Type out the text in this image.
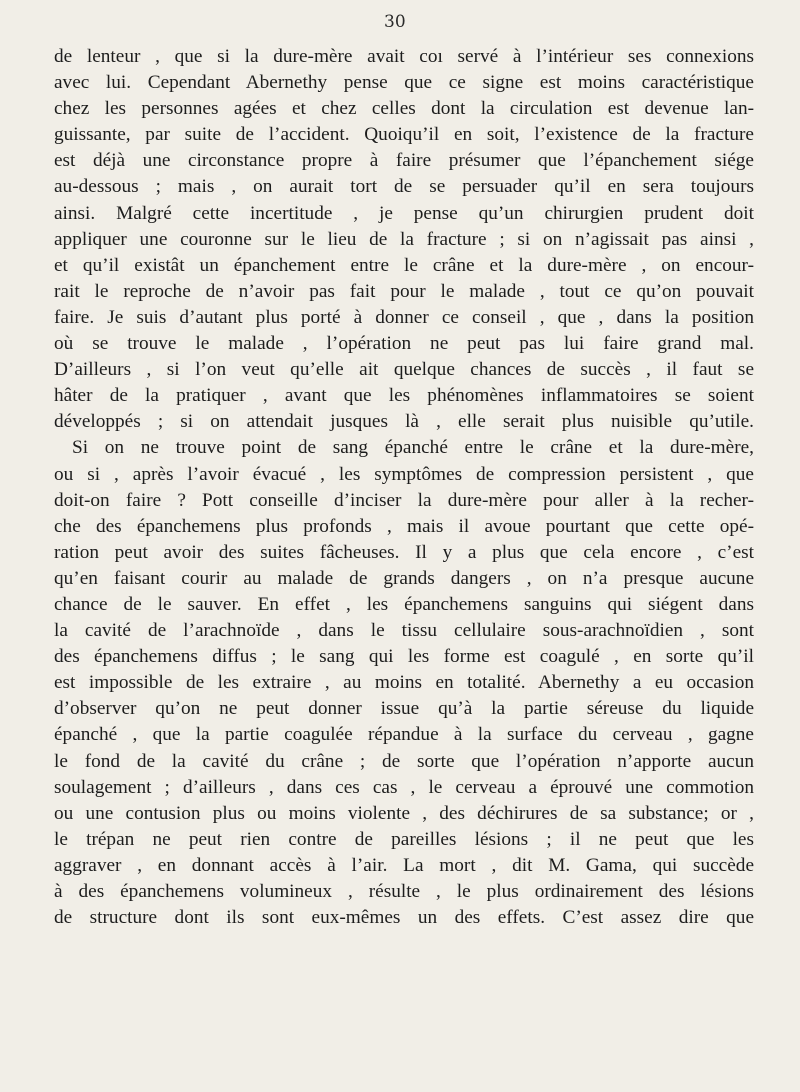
30
de lenteur , que si la dure-mère avait coı servé à l’intérieur ses connexions
avec lui. Cependant Abernethy pense que ce signe est moins caractéristique
chez les personnes agées et chez celles dont la circulation est devenue lan-
guissante, par suite de l’accident. Quoiqu’il en soit, l’existence de la fracture
est déjà une circonstance propre à faire présumer que l’épanchement siége
au-dessous ; mais , on aurait tort de se persuader qu’il en sera toujours
ainsi. Malgré cette incertitude , je pense qu’un chirurgien prudent doit
appliquer une couronne sur le lieu de la fracture ; si on n’agissait pas ainsi ,
et qu’il existât un épanchement entre le crâne et la dure-mère , on encour-
rait le reproche de n’avoir pas fait pour le malade , tout ce qu’on pouvait
faire. Je suis d’autant plus porté à donner ce conseil , que , dans la position
où se trouve le malade , l’opération ne peut pas lui faire grand mal.
D’ailleurs , si l’on veut qu’elle ait quelque chances de succès , il faut se
hâter de la pratiquer , avant que les phénomènes inflammatoires se soient
développés ; si on attendait jusques là , elle serait plus nuisible qu’utile.
Si on ne trouve point de sang épanché entre le crâne et la dure-mère,
ou si , après l’avoir évacué , les symptômes de compression persistent , que
doit-on faire ? Pott conseille d’inciser la dure-mère pour aller à la recher-
che des épanchemens plus profonds , mais il avoue pourtant que cette opé-
ration peut avoir des suites fâcheuses. Il y a plus que cela encore , c’est
qu’en faisant courir au malade de grands dangers , on n’a presque aucune
chance de le sauver. En effet , les épanchemens sanguins qui siégent dans
la cavité de l’arachnoïde , dans le tissu cellulaire sous-arachnoïdien , sont
des épanchemens diffus ; le sang qui les forme est coagulé , en sorte qu’il
est impossible de les extraire , au moins en totalité. Abernethy a eu occasion
d’observer qu’on ne peut donner issue qu’à la partie séreuse du liquide
épanché , que la partie coagulée répandue à la surface du cerveau , gagne
le fond de la cavité du crâne ; de sorte que l’opération n’apporte aucun
soulagement ; d’ailleurs , dans ces cas , le cerveau a éprouvé une commotion
ou une contusion plus ou moins violente , des déchirures de sa substance; or ,
le trépan ne peut rien contre de pareilles lésions ; il ne peut que les
aggraver , en donnant accès à l’air. La mort , dit M. Gama, qui succède
à des épanchemens volumineux , résulte , le plus ordinairement des lésions
de structure dont ils sont eux-mêmes un des effets. C’est assez dire que
